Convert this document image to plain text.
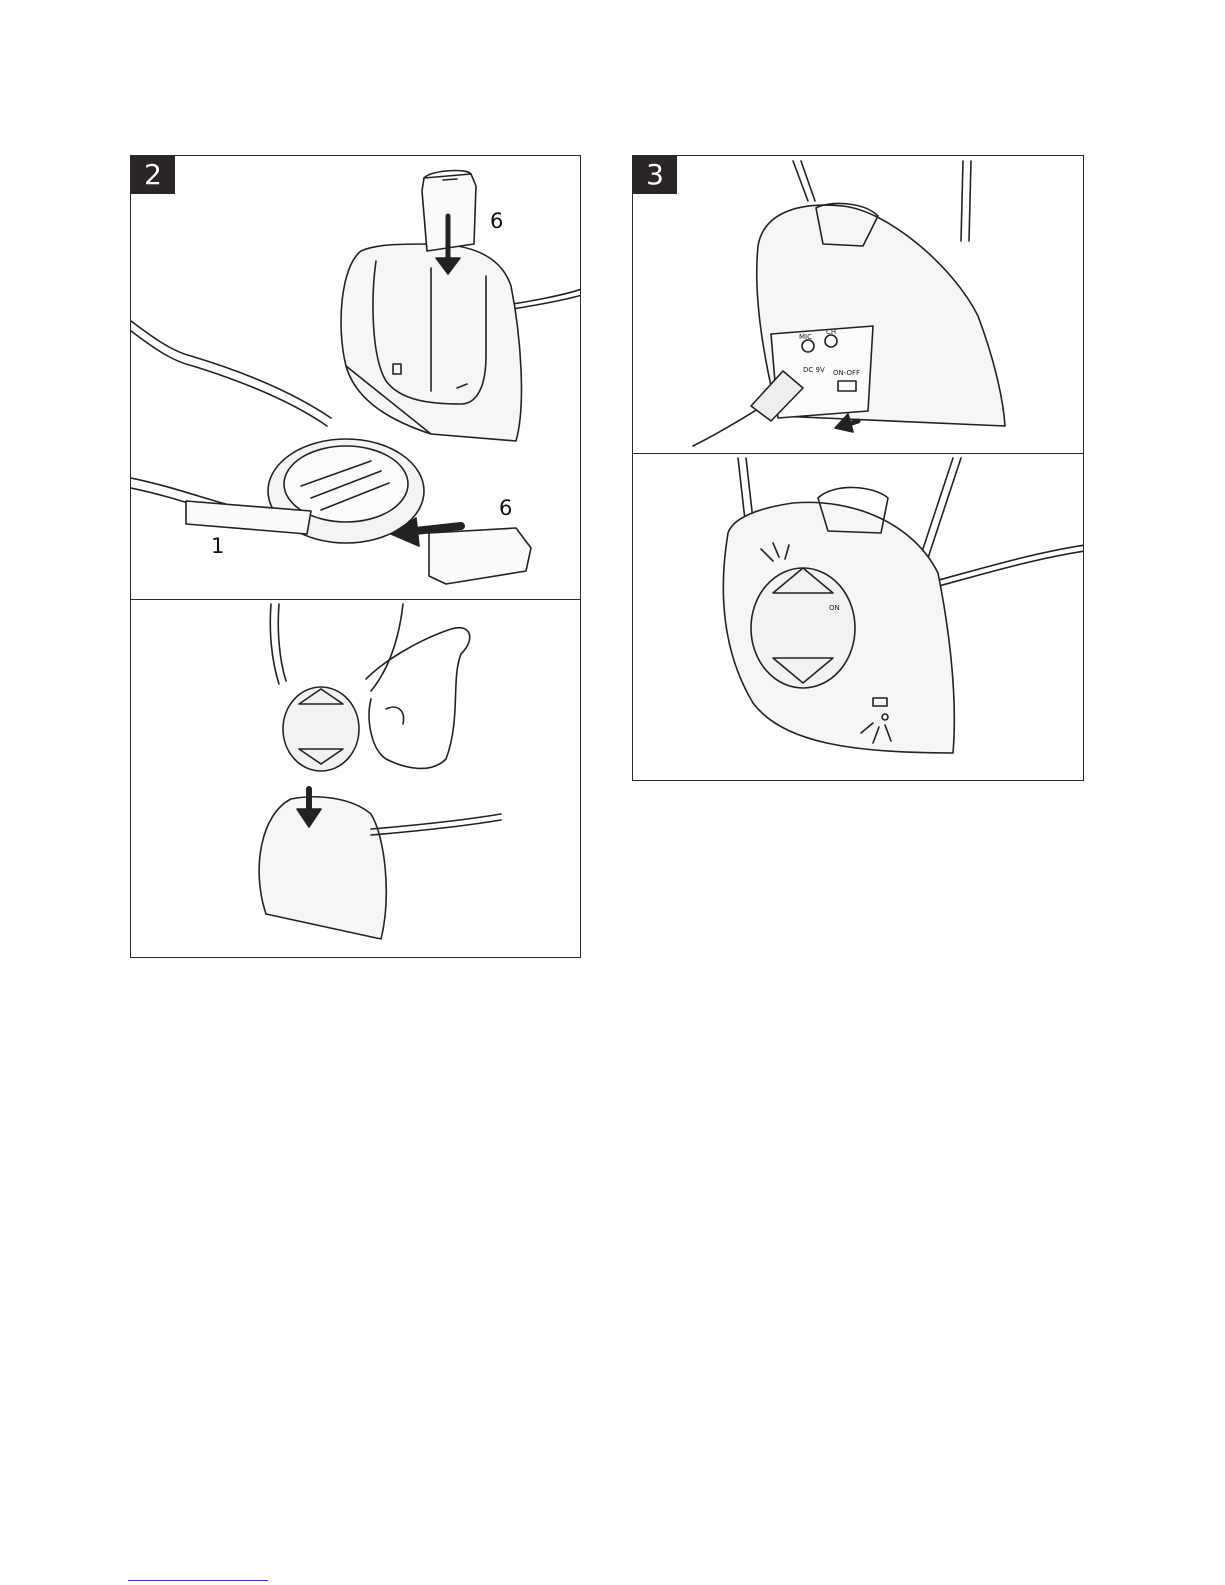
2
6
6
1
3
MIC
CH
DC 9V ON-OFF
ON
